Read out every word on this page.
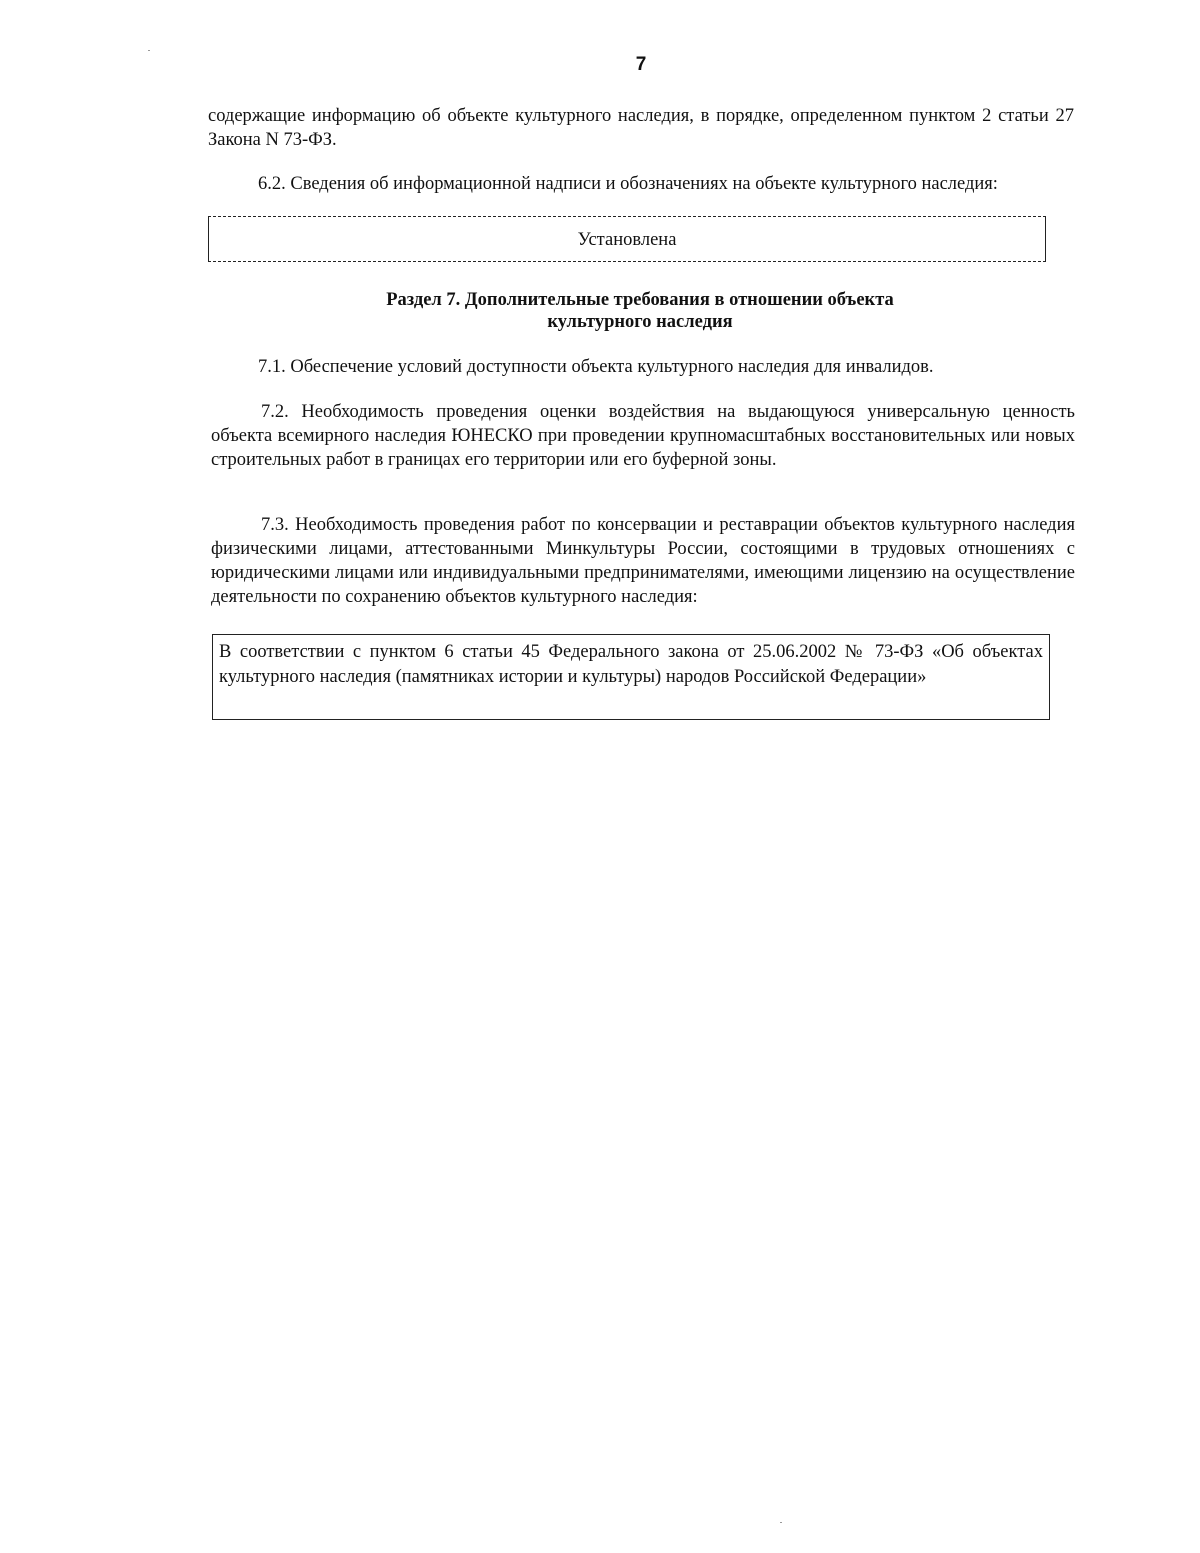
7

содержащие информацию об объекте культурного наследия, в порядке, определенном пунктом 2 статьи 27 Закона N 73-ФЗ.

6.2. Сведения об информационной надписи и обозначениях на объекте культурного наследия:

Установлена
Раздел 7. Дополнительные требования в отношении объекта
культурного наследия

7.1. Обеспечение условий доступности объекта культурного наследия для инвалидов.

7.2. Необходимость проведения оценки воздействия на выдающуюся универсальную ценность объекта всемирного наследия ЮНЕСКО при проведении крупномасштабных восстановительных или новых строительных работ в границах его территории или его буферной зоны.

7.3. Необходимость проведения работ по консервации и реставрации объектов культурного наследия физическими лицами, аттестованными Минкультуры России, состоящими в трудовых отношениях с юридическими лицами или индивидуальными предпринимателями, имеющими лицензию на осуществление деятельности по сохранению объектов культурного наследия:

В соответствии с пунктом 6 статьи 45 Федерального закона от 25.06.2002 № 73-ФЗ «Об объектах культурного наследия (памятниках истории и культуры) народов Российской Федерации»
